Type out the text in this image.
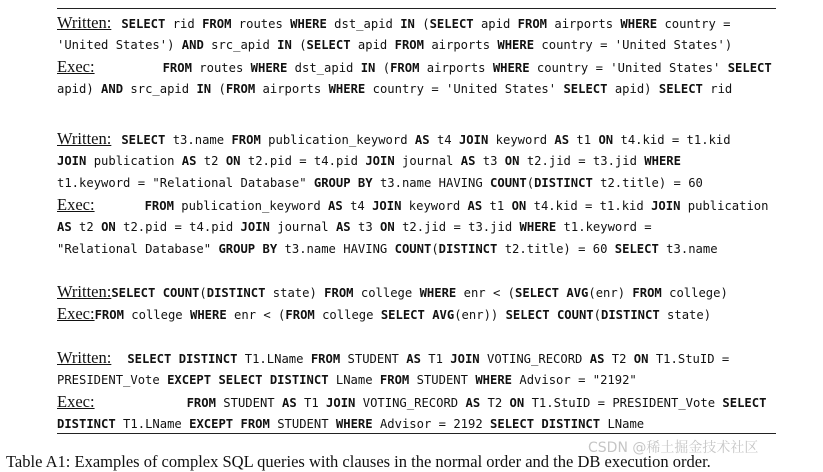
Written: SELECT rid FROM routes WHERE dst_apid IN (SELECT apid FROM airports WHERE country =
'United States') AND src_apid IN (SELECT apid FROM airports WHERE country = 'United States')
Exec:	FROM routes WHERE dst_apid IN (FROM airports WHERE country = 'United States' SELECT
apid) AND src_apid IN (FROM airports WHERE country = 'United States' SELECT apid) SELECT rid
Written: SELECT t3.name FROM publication_keyword AS t4 JOIN keyword AS t1 ON t4.kid = t1.kid
JOIN publication AS t2 ON t2.pid = t4.pid JOIN journal AS t3 ON t2.jid = t3.jid WHERE
t1.keyword = "Relational Database" GROUP BY t3.name HAVING COUNT(DISTINCT t2.title) = 60
Exec:	FROM publication_keyword AS t4 JOIN keyword AS t1 ON t4.kid = t1.kid JOIN publication
AS t2 ON t2.pid = t4.pid JOIN journal AS t3 ON t2.jid = t3.jid WHERE t1.keyword =
"Relational Database" GROUP BY t3.name HAVING COUNT(DISTINCT t2.title) = 60 SELECT t3.name
Written:SELECT COUNT(DISTINCT state) FROM college WHERE enr < (SELECT AVG(enr) FROM college)
Exec:FROM college WHERE enr < (FROM college SELECT AVG(enr)) SELECT COUNT(DISTINCT state)
Written: SELECT DISTINCT T1.LName FROM STUDENT AS T1 JOIN VOTING_RECORD AS T2 ON T1.StuID =
PRESIDENT_Vote EXCEPT SELECT DISTINCT LName FROM STUDENT WHERE Advisor = "2192"
Exec:	FROM STUDENT AS T1 JOIN VOTING_RECORD AS T2 ON T1.StuID = PRESIDENT_Vote SELECT
DISTINCT T1.LName EXCEPT FROM STUDENT WHERE Advisor = 2192 SELECT DISTINCT LName
Table A1: Examples of complex SQL queries with clauses in the normal order and the DB execution order.
CSDN @稀土掘金技术社区
